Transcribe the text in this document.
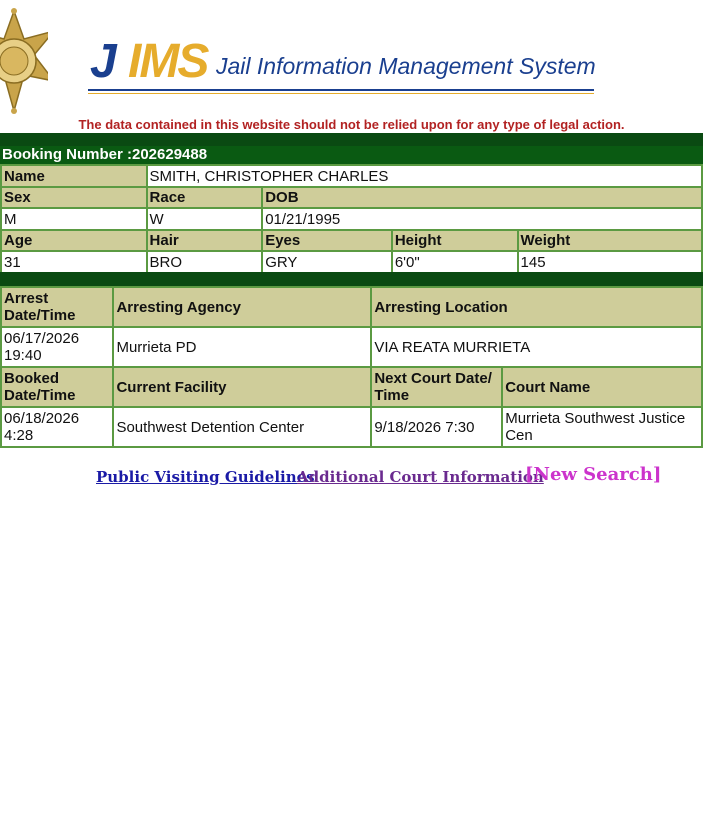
J IMS Jail Information Management System
The data contained in this website should not be relied upon for any type of legal action.
Booking Number :202629488
Name	SMITH, CHRISTOPHER CHARLES			
Sex	Race	DOB		
M	W	01/21/1995		
Age	Hair	Eyes	Height	Weight
31	BRO	GRY	6'0"	145
Arrest
Date/Time	Arresting Agency	Arresting Location	
06/17/2026
19:40	Murrieta PD	VIA REATA MURRIETA	
Booked
Date/Time	Current Facility	Next Court Date/
Time	Court Name
06/18/2026
4:28	Southwest Detention Center	9/18/2026 7:30	Murrieta Southwest Justice
Cen
Public Visiting Guidelines
Additional Court Information
[New Search]
